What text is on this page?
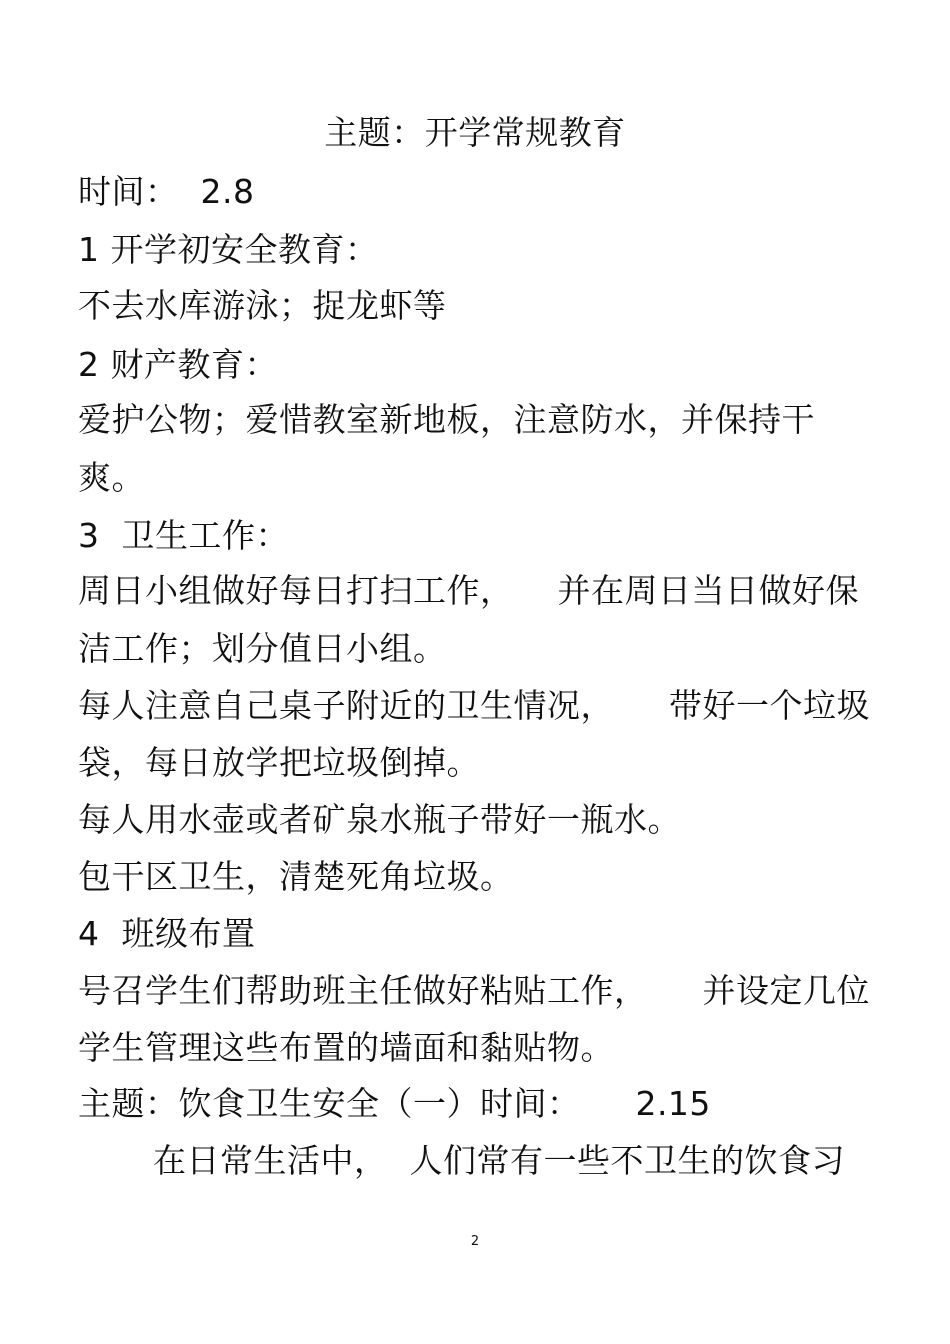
主题：开学常规教育
时间：  2.8
1 开学初安全教育：
不去水库游泳；捉龙虾等
2 财产教育：
爱护公物；爱惜教室新地板，注意防水，并保持干
爽。
3  卫生工作：
周日小组做好每日打扫工作，    并在周日当日做好保
洁工作；划分值日小组。
每人注意自己桌子附近的卫生情况，     带好一个垃圾
袋，每日放学把垃圾倒掉。
每人用水壶或者矿泉水瓶子带好一瓶水。
包干区卫生，清楚死角垃圾。
4  班级布置
号召学生们帮助班主任做好粘贴工作，     并设定几位
学生管理这些布置的墙面和黏贴物。
主题：饮食卫生安全（一）时间：     2.15
在日常生活中，  人们常有一些不卫生的饮食习
2
